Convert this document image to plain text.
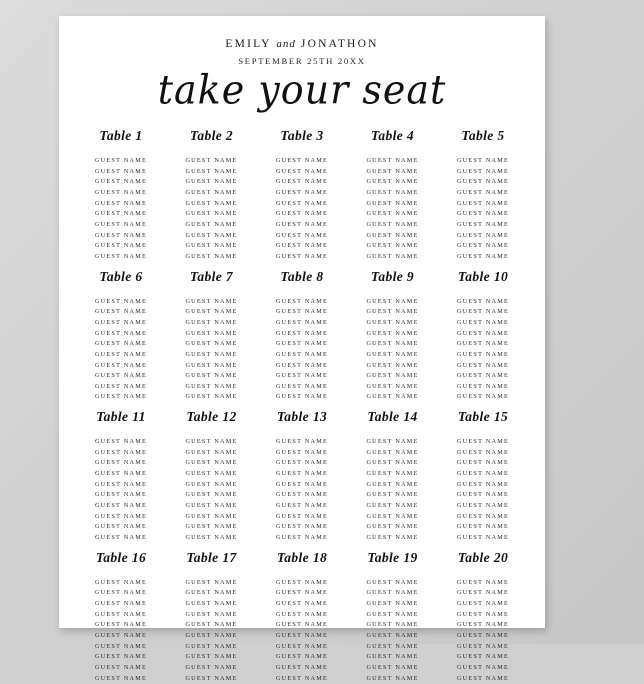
EMILY and JONATHON
SEPTEMBER 25TH 20XX
take your seat
Table 1
GUEST NAME
GUEST NAME
GUEST NAME
GUEST NAME
GUEST NAME
GUEST NAME
GUEST NAME
GUEST NAME
GUEST NAME
GUEST NAME
Table 2
GUEST NAME
GUEST NAME
GUEST NAME
GUEST NAME
GUEST NAME
GUEST NAME
GUEST NAME
GUEST NAME
GUEST NAME
GUEST NAME
Table 3
GUEST NAME
GUEST NAME
GUEST NAME
GUEST NAME
GUEST NAME
GUEST NAME
GUEST NAME
GUEST NAME
GUEST NAME
GUEST NAME
Table 4
GUEST NAME
GUEST NAME
GUEST NAME
GUEST NAME
GUEST NAME
GUEST NAME
GUEST NAME
GUEST NAME
GUEST NAME
GUEST NAME
Table 5
GUEST NAME
GUEST NAME
GUEST NAME
GUEST NAME
GUEST NAME
GUEST NAME
GUEST NAME
GUEST NAME
GUEST NAME
GUEST NAME
Table 6
GUEST NAME
GUEST NAME
GUEST NAME
GUEST NAME
GUEST NAME
GUEST NAME
GUEST NAME
GUEST NAME
GUEST NAME
GUEST NAME
Table 7
GUEST NAME
GUEST NAME
GUEST NAME
GUEST NAME
GUEST NAME
GUEST NAME
GUEST NAME
GUEST NAME
GUEST NAME
GUEST NAME
Table 8
GUEST NAME
GUEST NAME
GUEST NAME
GUEST NAME
GUEST NAME
GUEST NAME
GUEST NAME
GUEST NAME
GUEST NAME
GUEST NAME
Table 9
GUEST NAME
GUEST NAME
GUEST NAME
GUEST NAME
GUEST NAME
GUEST NAME
GUEST NAME
GUEST NAME
GUEST NAME
GUEST NAME
Table 10
GUEST NAME
GUEST NAME
GUEST NAME
GUEST NAME
GUEST NAME
GUEST NAME
GUEST NAME
GUEST NAME
GUEST NAME
GUEST NAME
Table 11
GUEST NAME
GUEST NAME
GUEST NAME
GUEST NAME
GUEST NAME
GUEST NAME
GUEST NAME
GUEST NAME
GUEST NAME
GUEST NAME
Table 12
GUEST NAME
GUEST NAME
GUEST NAME
GUEST NAME
GUEST NAME
GUEST NAME
GUEST NAME
GUEST NAME
GUEST NAME
GUEST NAME
Table 13
GUEST NAME
GUEST NAME
GUEST NAME
GUEST NAME
GUEST NAME
GUEST NAME
GUEST NAME
GUEST NAME
GUEST NAME
GUEST NAME
Table 14
GUEST NAME
GUEST NAME
GUEST NAME
GUEST NAME
GUEST NAME
GUEST NAME
GUEST NAME
GUEST NAME
GUEST NAME
GUEST NAME
Table 15
GUEST NAME
GUEST NAME
GUEST NAME
GUEST NAME
GUEST NAME
GUEST NAME
GUEST NAME
GUEST NAME
GUEST NAME
GUEST NAME
Table 16
GUEST NAME
GUEST NAME
GUEST NAME
GUEST NAME
GUEST NAME
GUEST NAME
GUEST NAME
GUEST NAME
GUEST NAME
GUEST NAME
Table 17
GUEST NAME
GUEST NAME
GUEST NAME
GUEST NAME
GUEST NAME
GUEST NAME
GUEST NAME
GUEST NAME
GUEST NAME
GUEST NAME
Table 18
GUEST NAME
GUEST NAME
GUEST NAME
GUEST NAME
GUEST NAME
GUEST NAME
GUEST NAME
GUEST NAME
GUEST NAME
GUEST NAME
Table 19
GUEST NAME
GUEST NAME
GUEST NAME
GUEST NAME
GUEST NAME
GUEST NAME
GUEST NAME
GUEST NAME
GUEST NAME
GUEST NAME
Table 20
GUEST NAME
GUEST NAME
GUEST NAME
GUEST NAME
GUEST NAME
GUEST NAME
GUEST NAME
GUEST NAME
GUEST NAME
GUEST NAME
